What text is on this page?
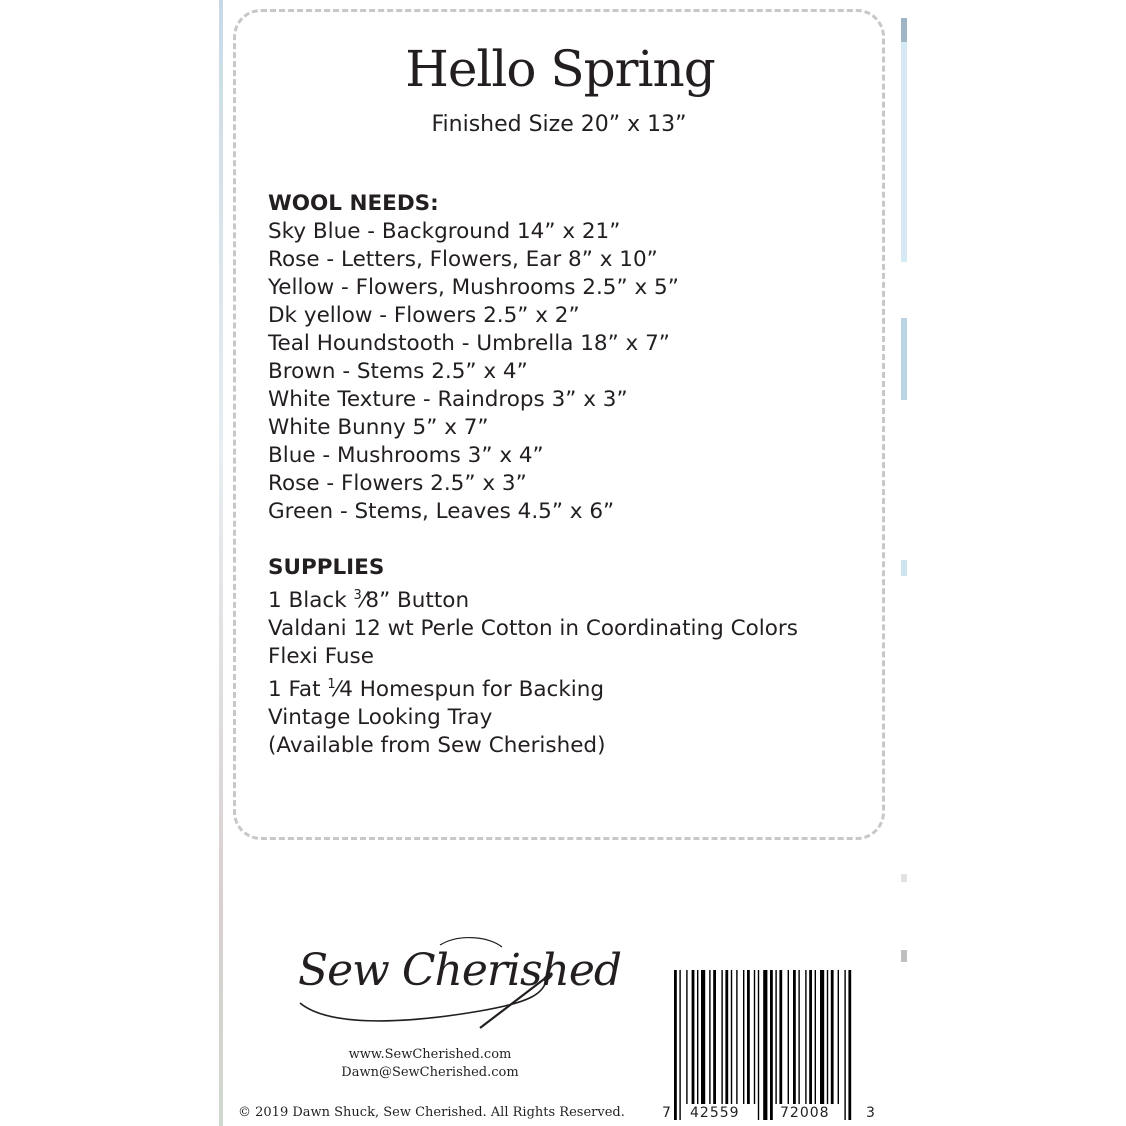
Hello Spring

Finished Size 20” x 13”

WOOL NEEDS:
Sky Blue - Background 14” x 21”
Rose - Letters, Flowers, Ear 8” x 10”
Yellow - Flowers, Mushrooms 2.5” x 5”
Dk yellow - Flowers 2.5” x 2”
Teal Houndstooth - Umbrella 18” x 7”
Brown - Stems 2.5” x 4”
White Texture - Raindrops 3” x 3”
White Bunny 5” x 7”
Blue - Mushrooms 3” x 4”
Rose - Flowers 2.5” x 3”
Green - Stems, Leaves 4.5” x 6”
SUPPLIES
1 Black $^3$⁄8” Button
Valdani 12 wt Perle Cotton in Coordinating Colors
Flexi Fuse
1 Fat $^1$⁄4 Homespun for Backing
Vintage Looking Tray
(Available from Sew Cherished)
Sew Cherished
www.SewCherished.com
Dawn@SewCherished.com
© 2019 Dawn Shuck, Sew Cherished. All Rights Reserved.	7 42559	72008	3
